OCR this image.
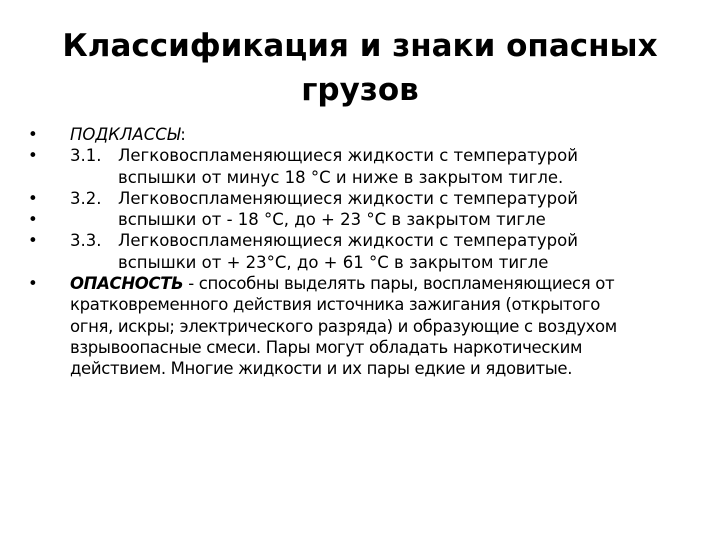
Классификация и знаки опасных
грузов
• ПОДКЛАССЫ:
• 3.1. Легковоспламеняющиеся жидкости с температурой
вспышки от минус 18 °С и ниже в закрытом тигле.
• 3.2. Легковоспламеняющиеся жидкости с температурой
• вспышки от - 18 °С, до + 23 °С в закрытом тигле
• 3.3. Легковоспламеняющиеся жидкости с температурой
вспышки от + 23°С, до + 61 °С в закрытом тигле
• ОПАСНОСТЬ - способны выделять пары, воспламеняющиеся от
кратковременного действия источника зажигания (открытого
огня, искры; электрического разряда) и образующие с воздухом
взрывоопасные смеси. Пары могут обладать наркотическим
действием. Многие жидкости и их пары едкие и ядовитые.
